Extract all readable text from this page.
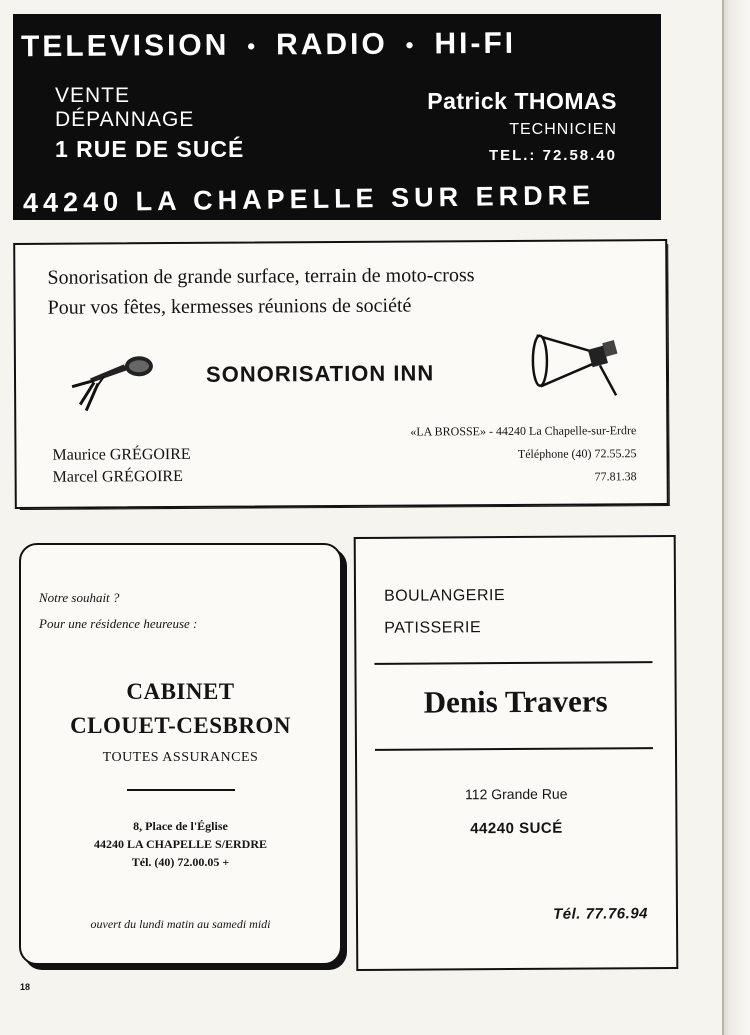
TELEVISION • RADIO • HI-FI
VENTE
DÉPANNAGE
1 RUE DE SUCÉ
Patrick THOMAS
TECHNICIEN
TEL.: 72.58.40
44240 LA CHAPELLE SUR ERDRE
Sonorisation de grande surface, terrain de moto-cross
Pour vos fêtes, kermesses réunions de société
SONORISATION INN
Maurice GRÉGOIRE
Marcel GRÉGOIRE
«LA BROSSE» - 44240 La Chapelle-sur-Erdre
Téléphone (40) 72.55.25
77.81.38
Notre souhait ?
Pour une résidence heureuse :
CABINET
CLOUET-CESBRON
TOUTES ASSURANCES
8, Place de l'Église
44240 LA CHAPELLE S/ERDRE
Tél. (40) 72.00.05 +
ouvert du lundi matin au samedi midi
BOULANGERIE
PATISSERIE
Denis Travers
112 Grande Rue
44240 SUCÉ
Tél. 77.76.94
18
